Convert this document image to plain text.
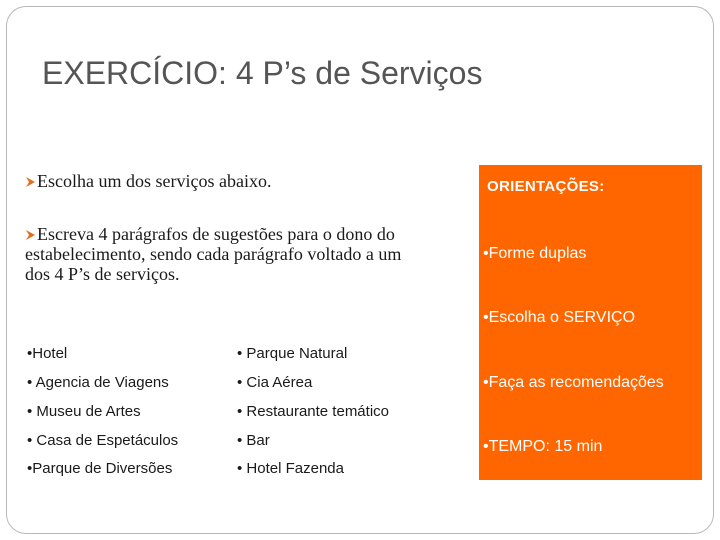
EXERCÍCIO: 4 P’s de Serviços
Escolha um dos serviços abaixo.
Escreva 4 parágrafos de sugestões para o dono do estabelecimento, sendo cada parágrafo voltado a um dos 4 P’s de serviços.
•Hotel
• Agencia de Viagens
• Museu de Artes
• Casa de Espetáculos
•Parque de Diversões
• Parque Natural
• Cia Aérea
• Restaurante temático
• Bar
• Hotel Fazenda
ORIENTAÇÕES:
•Forme duplas
•Escolha o SERVIÇO
•Faça as recomendações
•TEMPO: 15 min
